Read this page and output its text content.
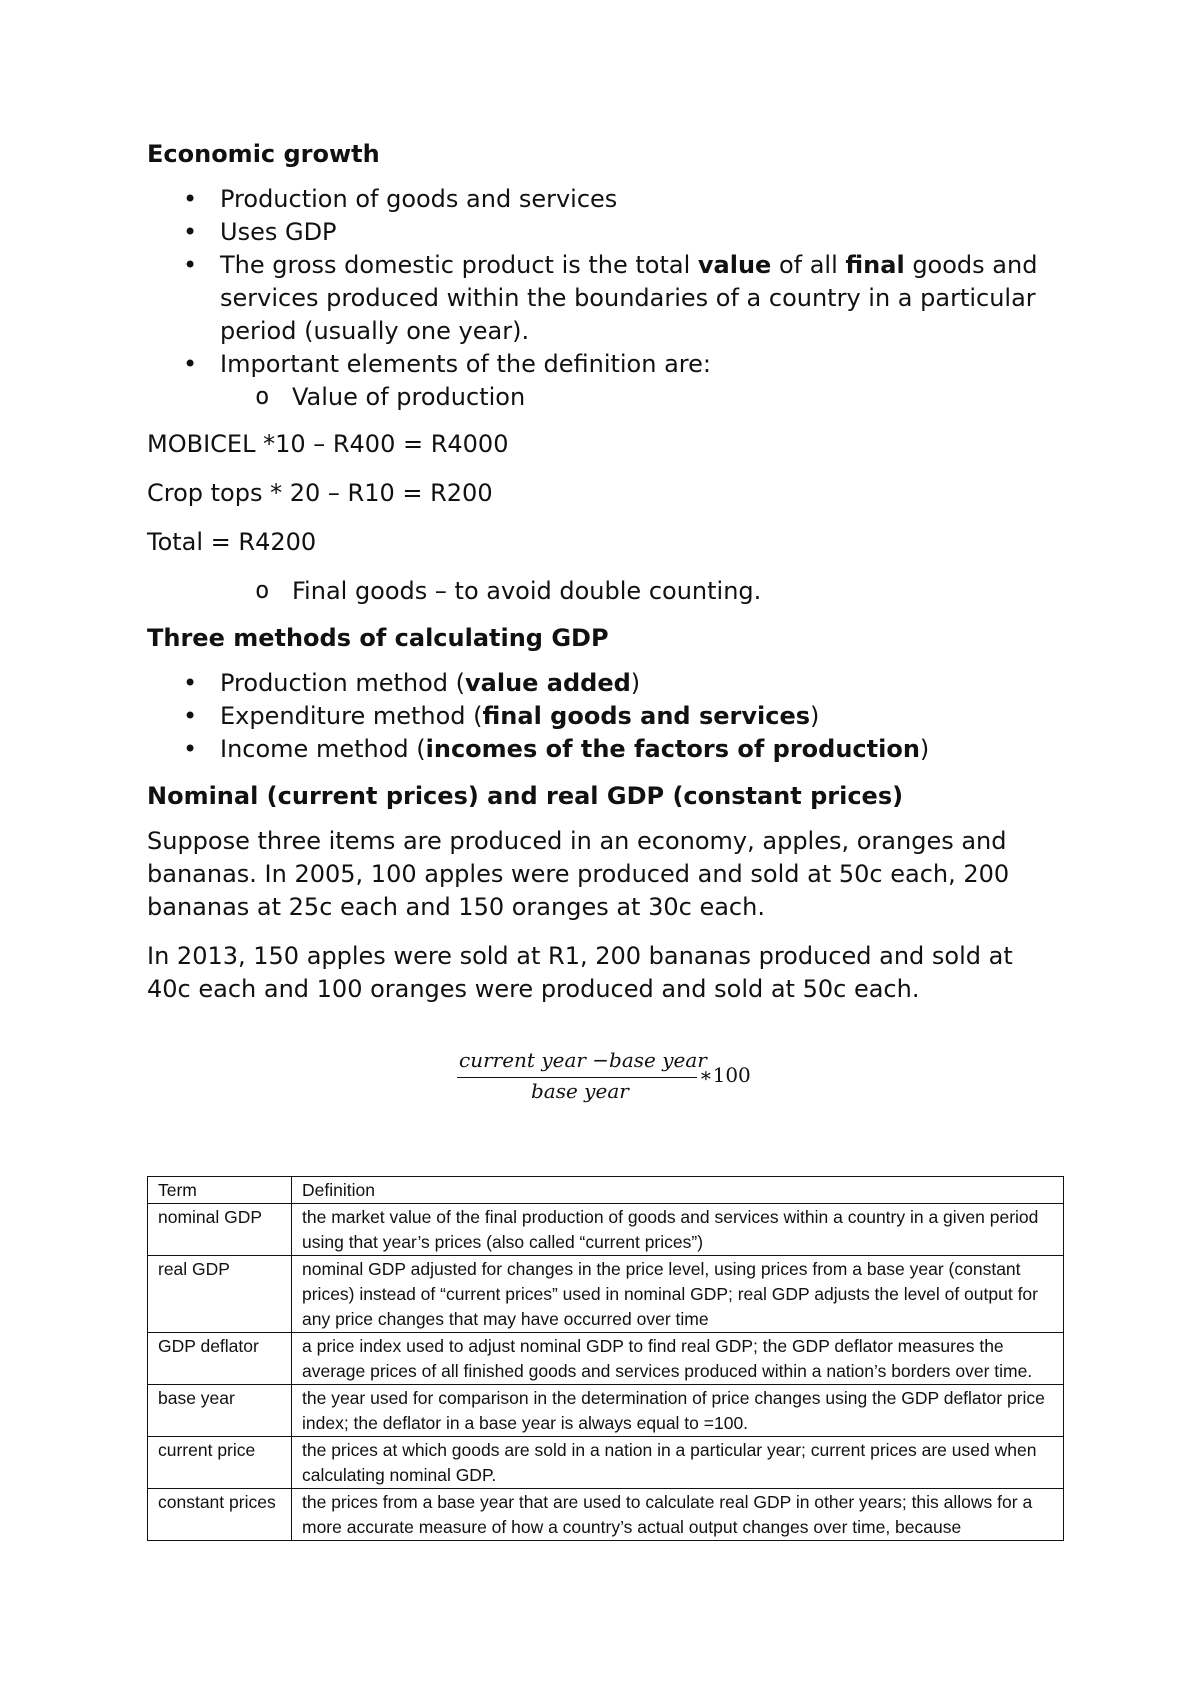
Economic growth
• Production of goods and services
• Uses GDP
• The gross domestic product is the total value of all final goods and services produced within the boundaries of a country in a particular period (usually one year).
• Important elements of the definition are:
o Value of production
MOBICEL *10 – R400 = R4000
Crop tops * 20 – R10 = R200
Total = R4200
o Final goods – to avoid double counting.
Three methods of calculating GDP
• Production method (value added)
• Expenditure method (final goods and services)
• Income method (incomes of the factors of production)
Nominal (current prices) and real GDP (constant prices)
Suppose three items are produced in an economy, apples, oranges and bananas. In 2005, 100 apples were produced and sold at 50c each, 200 bananas at 25c each and 150 oranges at 30c each.
In 2013, 150 apples were sold at R1, 200 bananas produced and sold at 40c each and 100 oranges were produced and sold at 50c each.
current year −base year
base year
∗100
Term	Definition
nominal GDP	the market value of the final production of goods and services within a country in a given period using that year’s prices (also called “current prices”)
real GDP	nominal GDP adjusted for changes in the price level, using prices from a base year (constant prices) instead of “current prices” used in nominal GDP; real GDP adjusts the level of output for any price changes that may have occurred over time
GDP deflator	a price index used to adjust nominal GDP to find real GDP; the GDP deflator measures the average prices of all finished goods and services produced within a nation’s borders over time.
base year	the year used for comparison in the determination of price changes using the GDP deflator price index; the deflator in a base year is always equal to =100.
current price	the prices at which goods are sold in a nation in a particular year; current prices are used when calculating nominal GDP.
constant prices	the prices from a base year that are used to calculate real GDP in other years; this allows for a more accurate measure of how a country’s actual output changes over time, because
